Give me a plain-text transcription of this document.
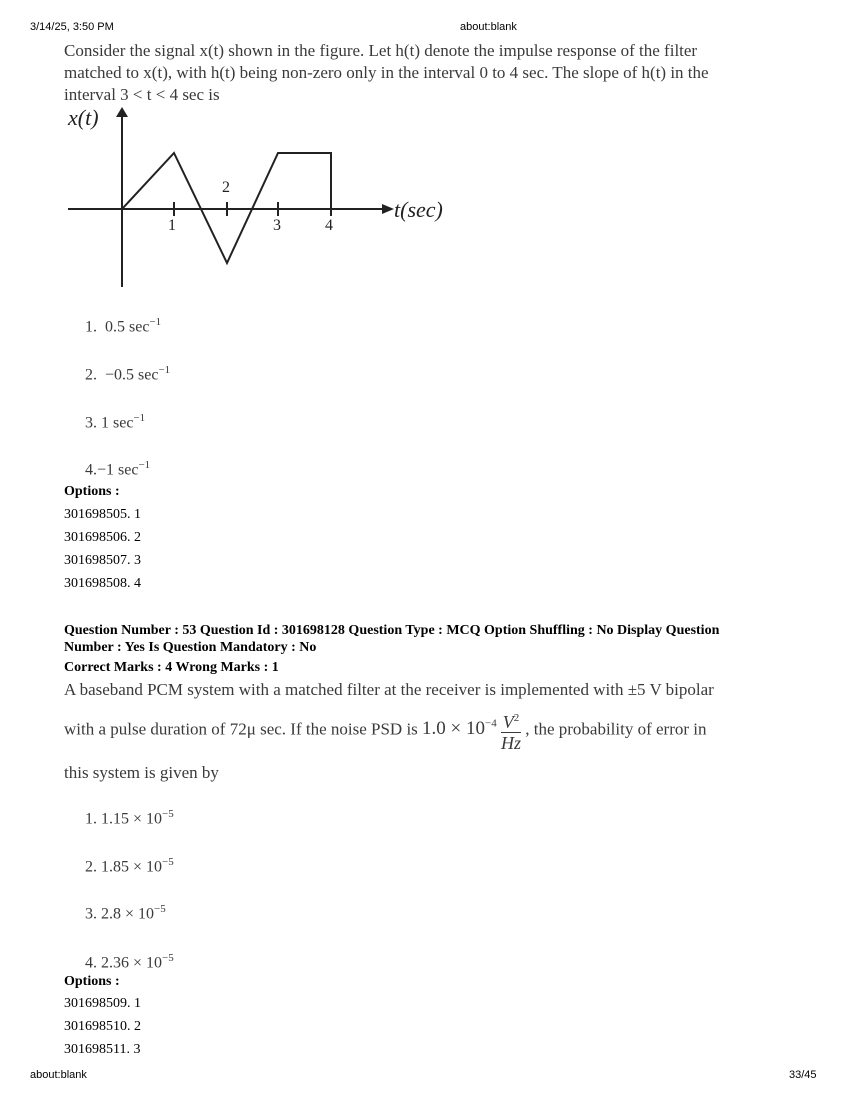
3/14/25, 3:50 PM	about:blank
Consider the signal x(t) shown in the figure. Let h(t) denote the impulse response of the filter
matched to x(t), with h(t) being non-zero only in the interval 0 to 4 sec. The slope of h(t) in the
interval 3 < t < 4 sec is
x(t)
t(sec)
1
2
3	4
1. 0.5 $\sec^{-1}$
2. −0.5 $\sec^{-1}$
3. 1 $\sec^{-1}$
4.−1 $\sec^{-1}$
Options :
301698505. 1
301698506. 2
301698507. 3
301698508. 4
Question Number : 53 Question Id : 301698128 Question Type : MCQ Option Shuffling : No Display Question
Number : Yes Is Question Mandatory : No
Correct Marks : 4 Wrong Marks : 1
A baseband PCM system with a matched filter at the receiver is implemented with ±5 V bipolar
with a pulse duration of 72μ sec. If the noise PSD is $1.0 \times 10^{-4} \frac{V^2}{Hz}$ , the probability of error in
this system is given by
1. $1.15 \times 10^{-5}$
2. $1.85 \times 10^{-5}$
3. $2.8 \times 10^{-5}$
4. $2.36 \times 10^{-5}$
Options :
301698509. 1
301698510. 2
301698511. 3
about:blank	33/45
